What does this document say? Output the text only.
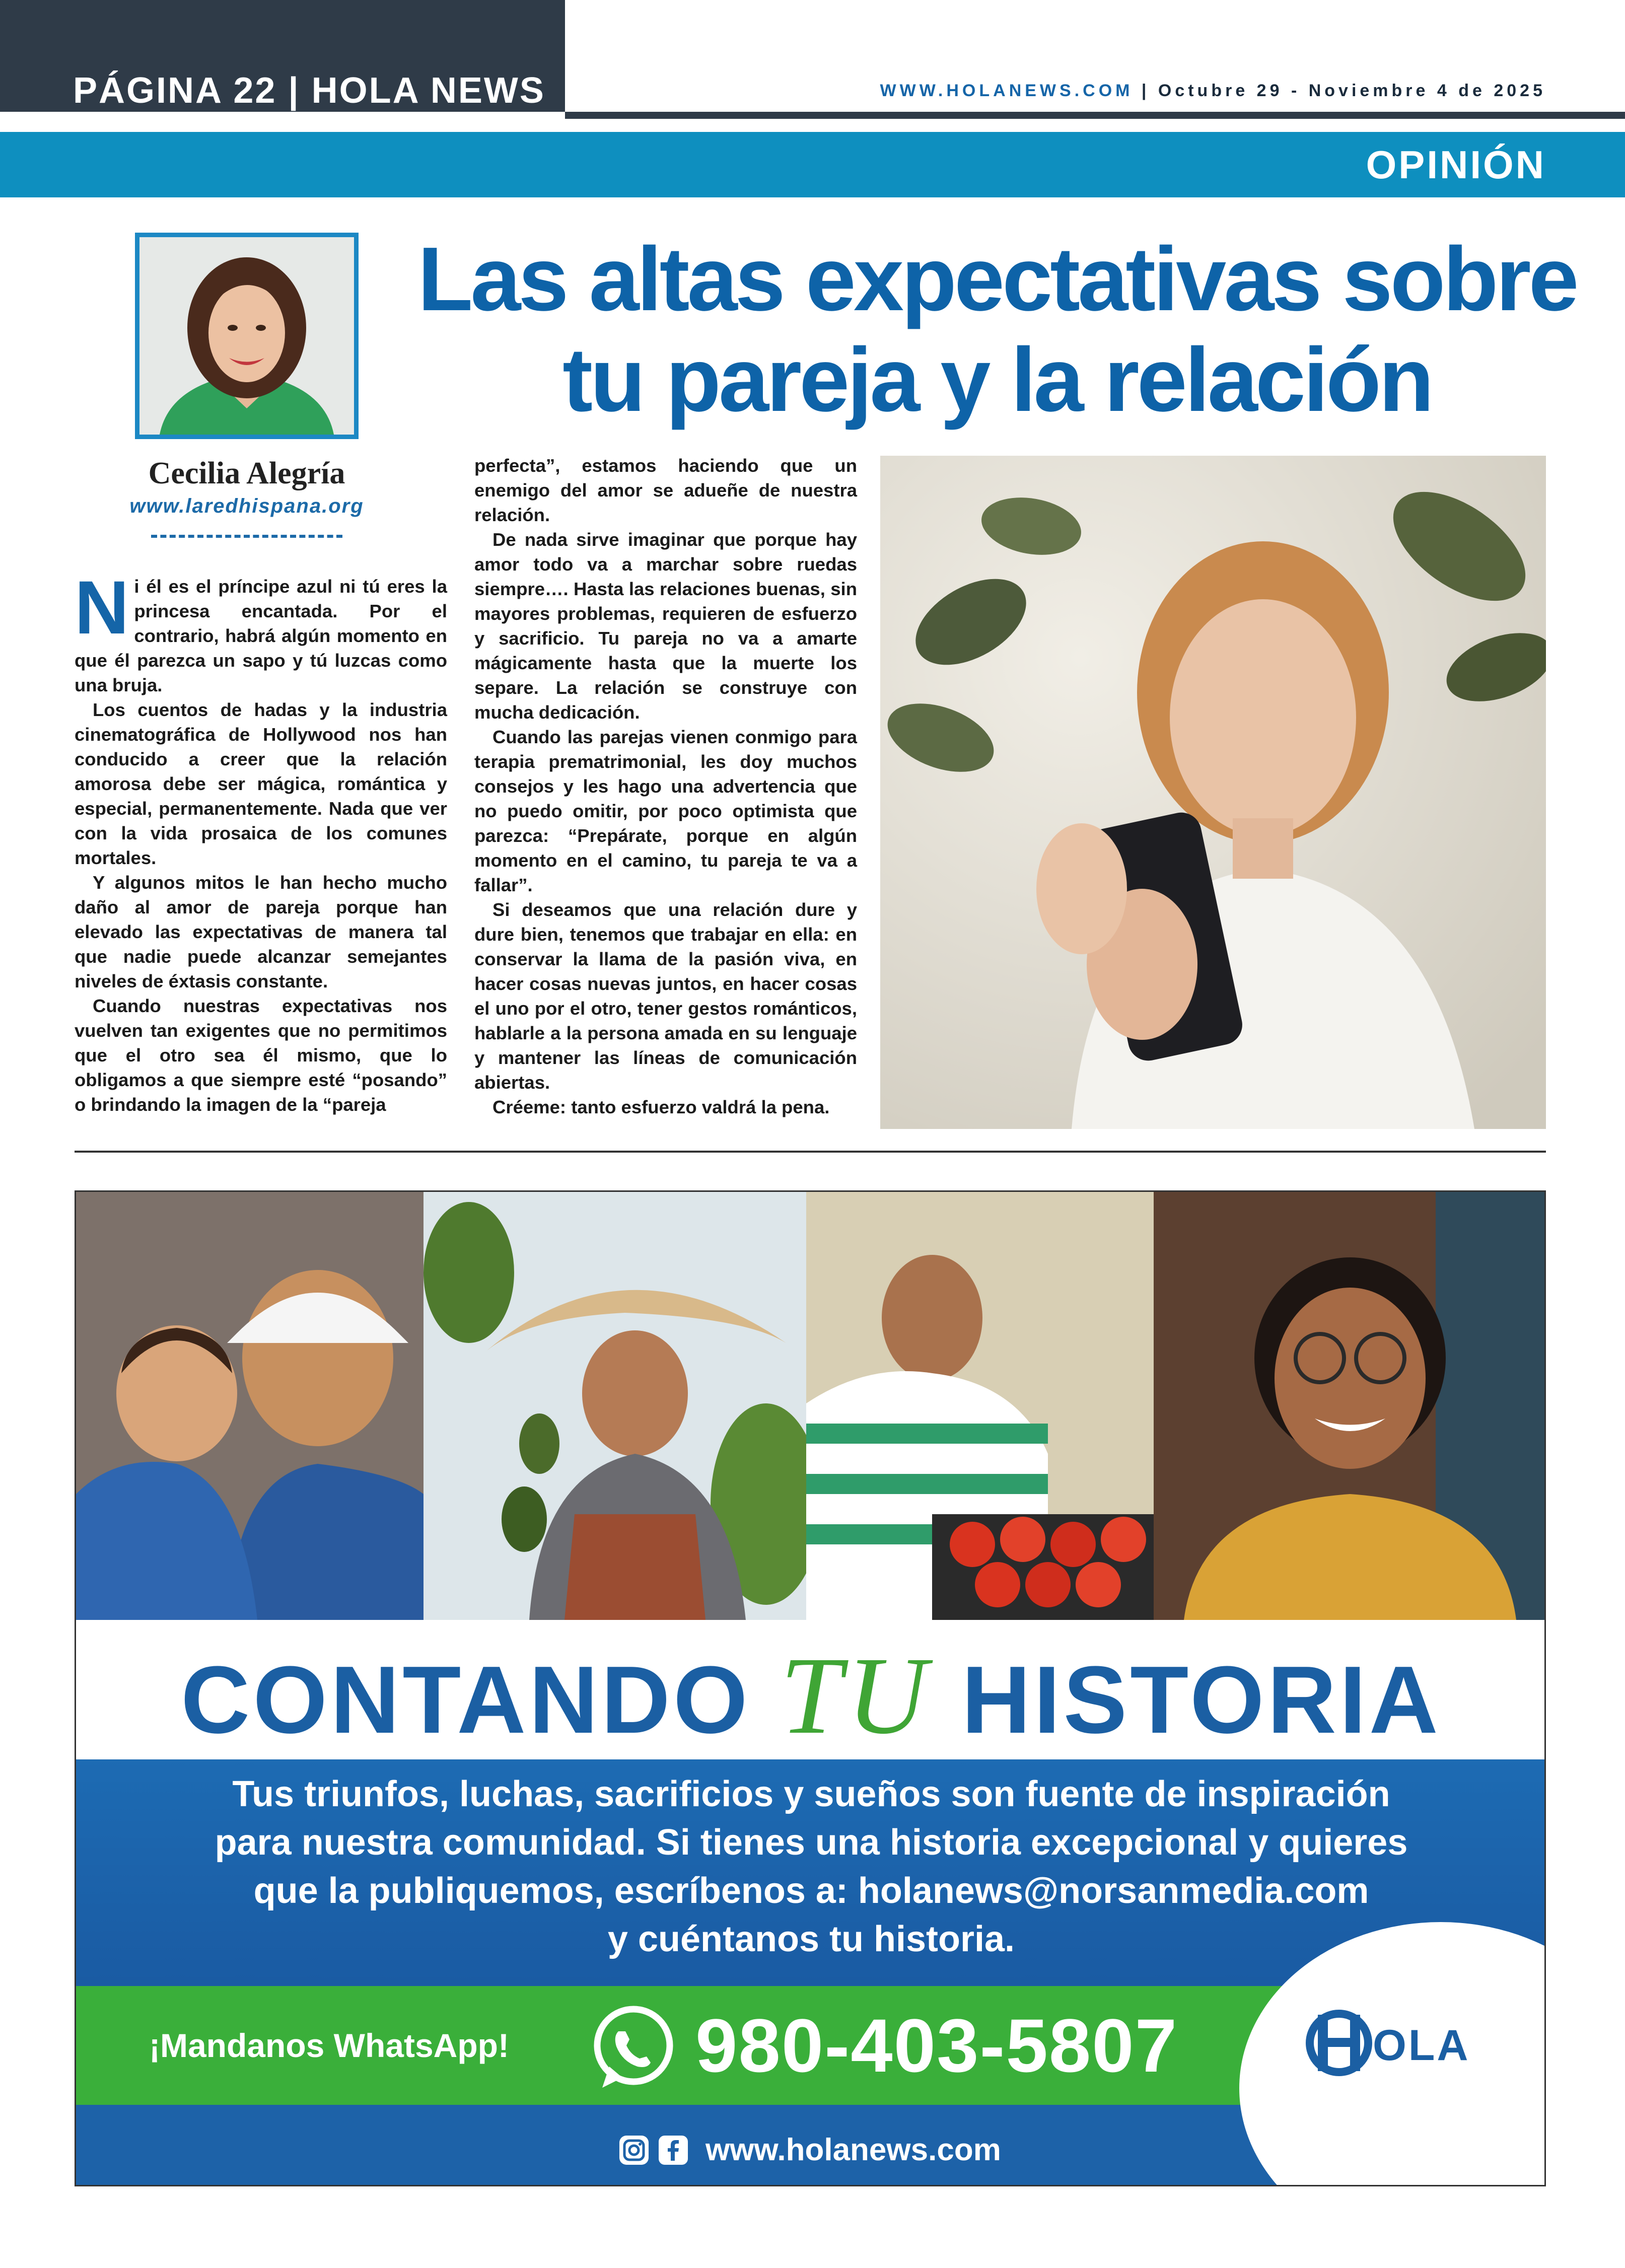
PÁGINA 22 | HOLA NEWS	WWW.HOLANEWS.COM | Octubre 29 - Noviembre 4 de 2025
OPINIÓN
Cecilia Alegría
www.laredhispana.org
Las altas expectativas sobre
tu pareja y la relación

Ni él es el príncipe azul ni tú eres la princesa encantada. Por el contrario, habrá algún momento en que él parezca un sapo y tú luzcas como una bruja.

Los cuentos de hadas y la industria cinematográfica de Hollywood nos han conducido a creer que la relación amorosa debe ser mágica, romántica y especial, permanentemente. Nada que ver con la vida prosaica de los comunes mortales.

Y algunos mitos le han hecho mucho daño al amor de pareja porque han elevado las expectativas de manera tal que nadie puede alcanzar semejantes niveles de éxtasis constante.

Cuando nuestras expectativas nos vuelven tan exigentes que no permitimos que el otro sea él mismo, que lo obligamos a que siempre esté “posando” o brindando la imagen de la “pareja

perfecta”, estamos haciendo que un enemigo del amor se adueñe de nuestra relación.

De nada sirve imaginar que porque hay amor todo va a marchar sobre ruedas siempre…. Hasta las relaciones buenas, sin mayores problemas, requieren de esfuerzo y sacrificio. Tu pareja no va a amarte mágicamente hasta que la muerte los separe. La relación se construye con mucha dedicación.

Cuando las parejas vienen conmigo para terapia prematrimonial, les doy muchos consejos y les hago una advertencia que no puedo omitir, por poco optimista que parezca: “Prepárate, porque en algún momento en el camino, tu pareja te va a fallar”.

Si deseamos que una relación dure y dure bien, tenemos que trabajar en ella: en conservar la llama de la pasión viva, en hacer cosas nuevas juntos, en hacer cosas el uno por el otro, tener gestos románticos, hablarle a la persona amada en su lenguaje y mantener las líneas de comunicación abiertas.

Créeme: tanto esfuerzo valdrá la pena.

CONTANDO TU HISTORIA
Tus triunfos, luchas, sacrificios y sueños son fuente de inspiración
para nuestra comunidad. Si tienes una historia excepcional y quieres
que la publiquemos, escríbenos a: holanews@norsanmedia.com
y cuéntanos tu historia.
¡Mandanos WhatsApp!	980-403-5807
www.holanews.com
OLA
